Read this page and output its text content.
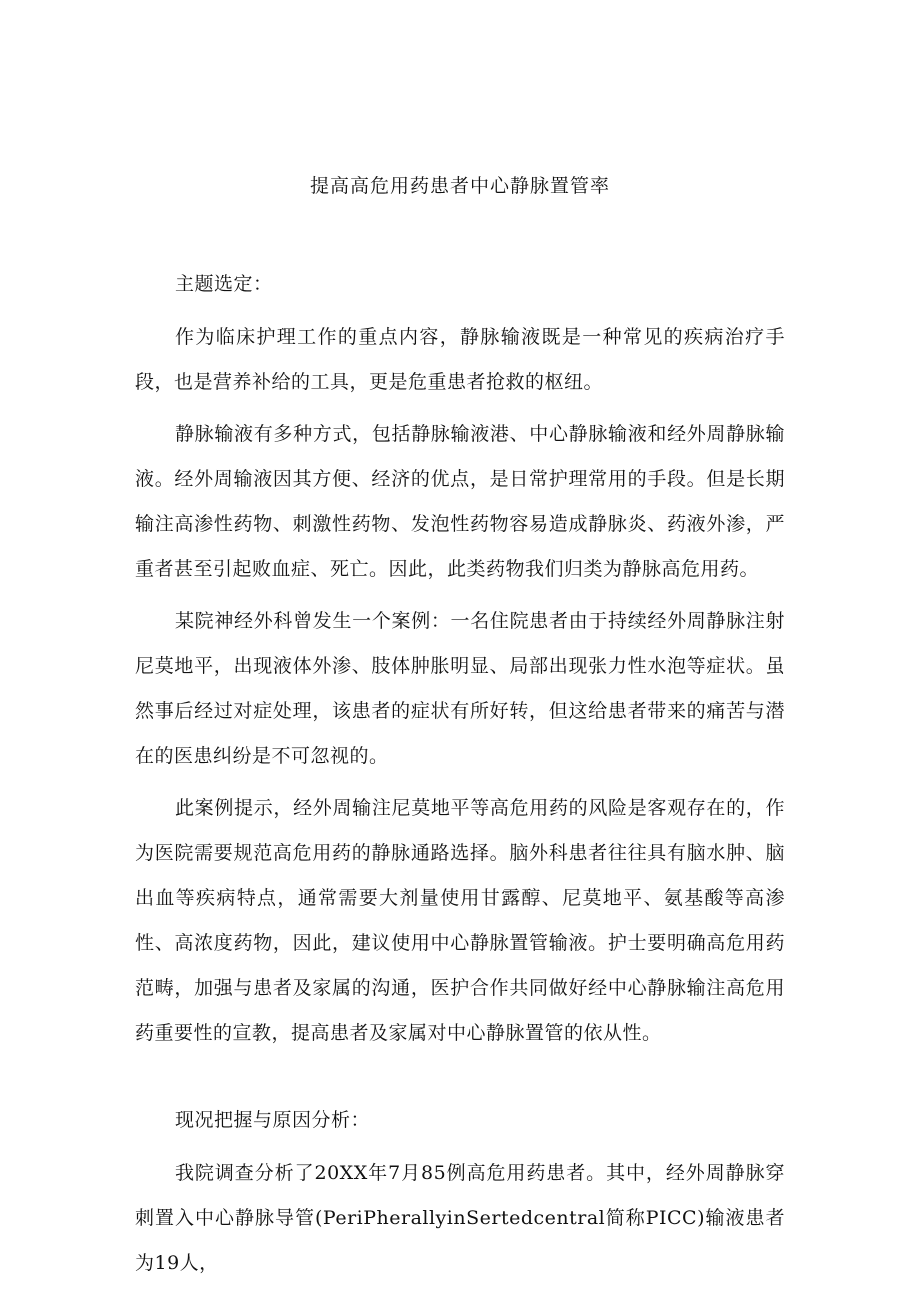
提高高危用药患者中心静脉置管率

主题选定：

作为临床护理工作的重点内容，静脉输液既是一种常见的疾病治疗手段，也是营养补给的工具，更是危重患者抢救的枢纽。

静脉输液有多种方式，包括静脉输液港、中心静脉输液和经外周静脉输液。经外周输液因其方便、经济的优点，是日常护理常用的手段。但是长期输注高渗性药物、刺激性药物、发泡性药物容易造成静脉炎、药液外渗，严重者甚至引起败血症、死亡。因此，此类药物我们归类为静脉高危用药。

某院神经外科曾发生一个案例：一名住院患者由于持续经外周静脉注射尼莫地平，出现液体外渗、肢体肿胀明显、局部出现张力性水泡等症状。虽然事后经过对症处理，该患者的症状有所好转，但这给患者带来的痛苦与潜在的医患纠纷是不可忽视的。

此案例提示，经外周输注尼莫地平等高危用药的风险是客观存在的，作为医院需要规范高危用药的静脉通路选择。脑外科患者往往具有脑水肿、脑出血等疾病特点，通常需要大剂量使用甘露醇、尼莫地平、氨基酸等高渗性、高浓度药物，因此，建议使用中心静脉置管输液。护士要明确高危用药范畴，加强与患者及家属的沟通，医护合作共同做好经中心静脉输注高危用药重要性的宣教，提高患者及家属对中心静脉置管的依从性。

现况把握与原因分析：

我院调查分析了20XX年7月85例高危用药患者。其中，经外周静脉穿刺置入中心静脉导管(PeriPherallyinSertedcentral简称PICC)输液患者为19人，
